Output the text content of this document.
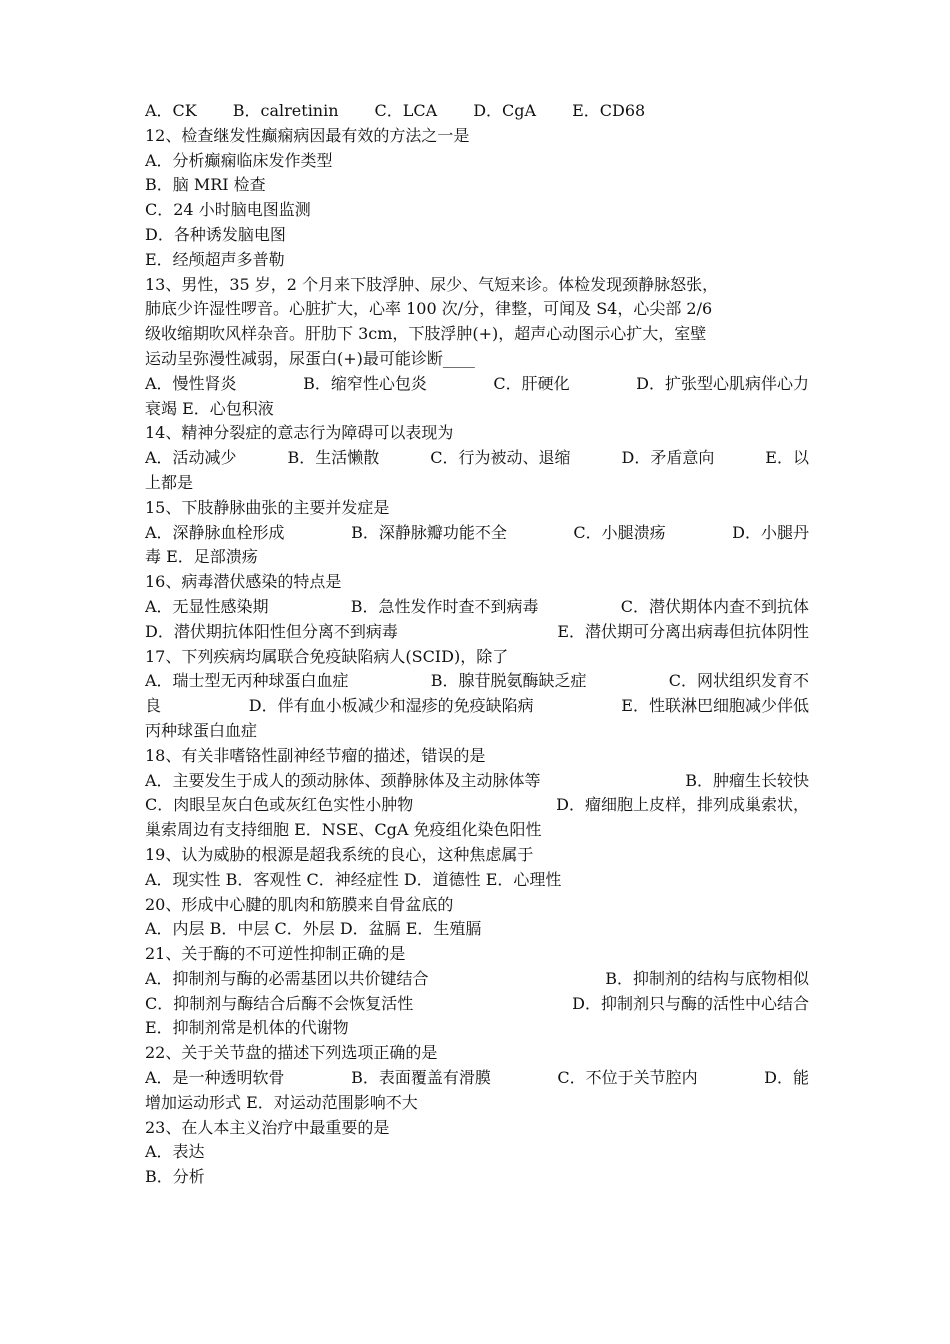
A．CK B．calretinin C．LCA D．CgA E．CD68
12、检查继发性癫痫病因最有效的方法之一是
A．分析癫痫临床发作类型
B．脑 MRI 检查
C．24 小时脑电图监测
D．各种诱发脑电图
E．经颅超声多普勒
13、男性，35 岁，2 个月来下肢浮肿、尿少、气短来诊。体检发现颈静脉怒张，
肺底少许湿性啰音。心脏扩大，心率 100 次/分，律整，可闻及 S4，心尖部 2/6
级收缩期吹风样杂音。肝肋下 3cm，下肢浮肿(+)，超声心动图示心扩大，室壁
运动呈弥漫性减弱，尿蛋白(+)最可能诊断____
A．慢性肾炎	B．缩窄性心包炎	C．肝硬化	D．扩张型心肌病伴心力
衰竭 E．心包积液
14、精神分裂症的意志行为障碍可以表现为
A．活动减少	B．生活懒散	C．行为被动、退缩	D．矛盾意向	E．以
上都是
15、下肢静脉曲张的主要并发症是
A．深静脉血栓形成	B．深静脉瓣功能不全	C．小腿溃疡	D．小腿丹
毒 E．足部溃疡
16、病毒潜伏感染的特点是
A．无显性感染期	B．急性发作时查不到病毒	C．潜伏期体内查不到抗体
D．潜伏期抗体阳性但分离不到病毒	E．潜伏期可分离出病毒但抗体阴性
17、下列疾病均属联合免疫缺陷病人(SCID)，除了
A．瑞士型无丙种球蛋白血症	B．腺苷脱氨酶缺乏症	C．网状组织发育不
良	D．伴有血小板减少和湿疹的免疫缺陷病	E．性联淋巴细胞减少伴低
丙种球蛋白血症
18、有关非嗜铬性副神经节瘤的描述，错误的是
A．主要发生于成人的颈动脉体、颈静脉体及主动脉体等	B．肿瘤生长较快
C．肉眼呈灰白色或灰红色实性小肿物	D．瘤细胞上皮样，排列成巢索状，
巢索周边有支持细胞 E．NSE、CgA 免疫组化染色阳性
19、认为威胁的根源是超我系统的良心，这种焦虑属于
A．现实性 B．客观性 C．神经症性 D．道德性 E．心理性
20、形成中心腱的肌肉和筋膜来自骨盆底的
A．内层 B．中层 C．外层 D．盆膈 E．生殖膈
21、关于酶的不可逆性抑制正确的是
A．抑制剂与酶的必需基团以共价键结合	B．抑制剂的结构与底物相似
C．抑制剂与酶结合后酶不会恢复活性	D．抑制剂只与酶的活性中心结合
E．抑制剂常是机体的代谢物
22、关于关节盘的描述下列选项正确的是
A．是一种透明软骨	B．表面覆盖有滑膜	C．不位于关节腔内	D．能
增加运动形式 E．对运动范围影响不大
23、在人本主义治疗中最重要的是
A．表达
B．分析
